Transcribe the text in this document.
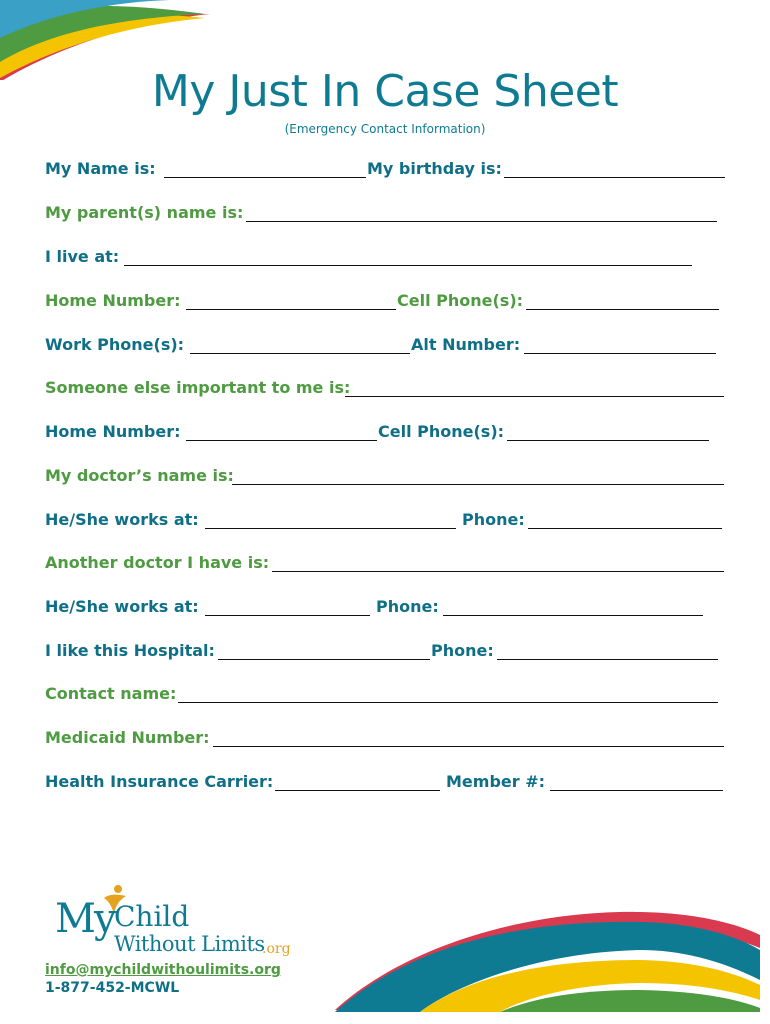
My Just In Case Sheet
(Emergency Contact Information)
My Name is:	My birthday is:
My parent(s) name is:
I live at:
Home Number:	Cell Phone(s):
Work Phone(s):	Alt Number:
Someone else important to me is:
Home Number:	Cell Phone(s):
My doctor’s name is:
He/She works at:	Phone:
Another doctor I have is:
He/She works at:	Phone:
I like this Hospital:	Phone:
Contact name:
Medicaid Number:
Health Insurance Carrier:	Member #:
My Child
Without Limits
.org
info@mychildwithoulimits.org
1-877-452-MCWL
